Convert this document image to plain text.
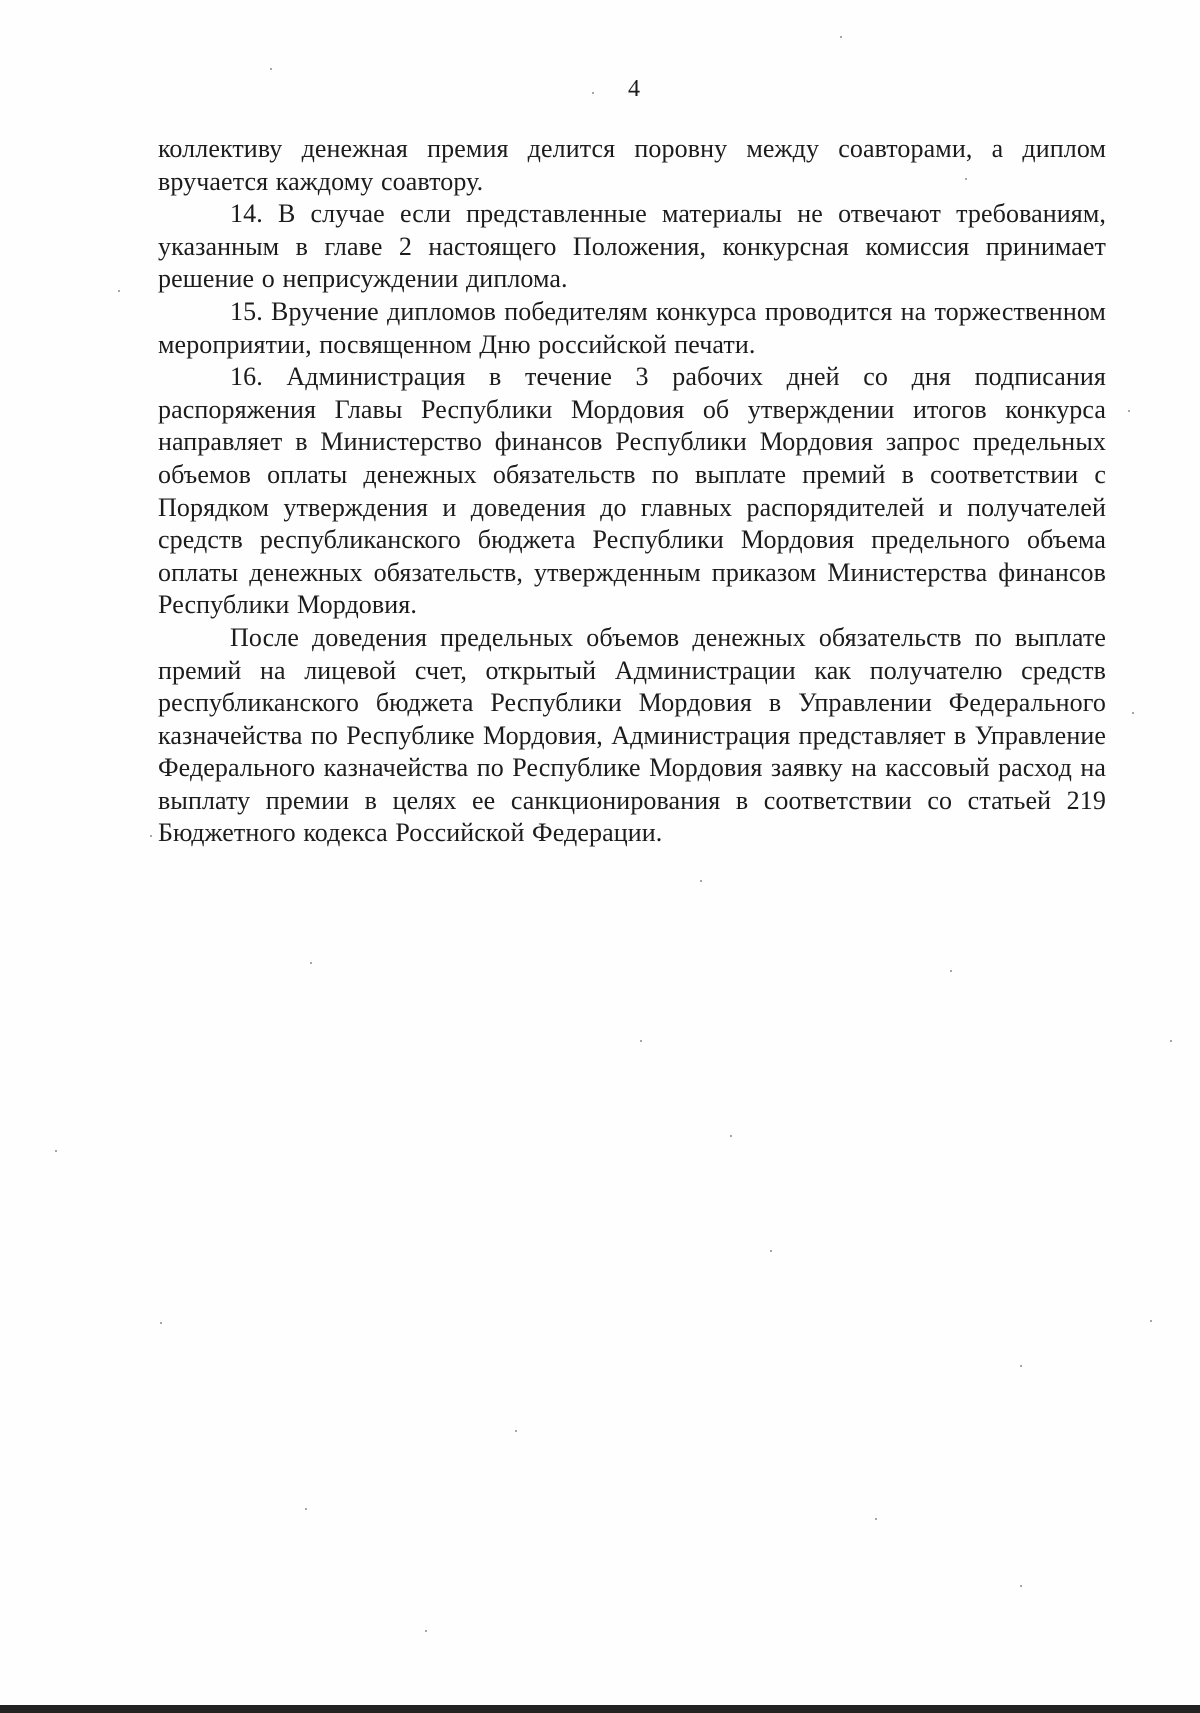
4

коллективу денежная премия делится поровну между соавторами, а диплом вручается каждому соавтору.

14. В случае если представленные материалы не отвечают требованиям, указанным в главе 2 настоящего Положения, конкурсная комиссия принимает решение о неприсуждении диплома.

15. Вручение дипломов победителям конкурса проводится на торжественном мероприятии, посвященном Дню российской печати.

16. Администрация в течение 3 рабочих дней со дня подписания распоряжения Главы Республики Мордовия об утверждении итогов конкурса направляет в Министерство финансов Республики Мордовия запрос предельных объемов оплаты денежных обязательств по выплате премий в соответствии с Порядком утверждения и доведения до главных распорядителей и получателей средств республиканского бюджета Республики Мордовия предельного объема оплаты денежных обязательств, утвержденным приказом Министерства финансов Республики Мордовия.

После доведения предельных объемов денежных обязательств по выплате премий на лицевой счет, открытый Администрации как получателю средств республиканского бюджета Республики Мордовия в Управлении Федерального казначейства по Республике Мордовия, Администрация представляет в Управление Федерального казначейства по Республике Мордовия заявку на кассовый расход на выплату премии в целях ее санкционирования в соответствии со статьей 219 Бюджетного кодекса Российской Федерации.
